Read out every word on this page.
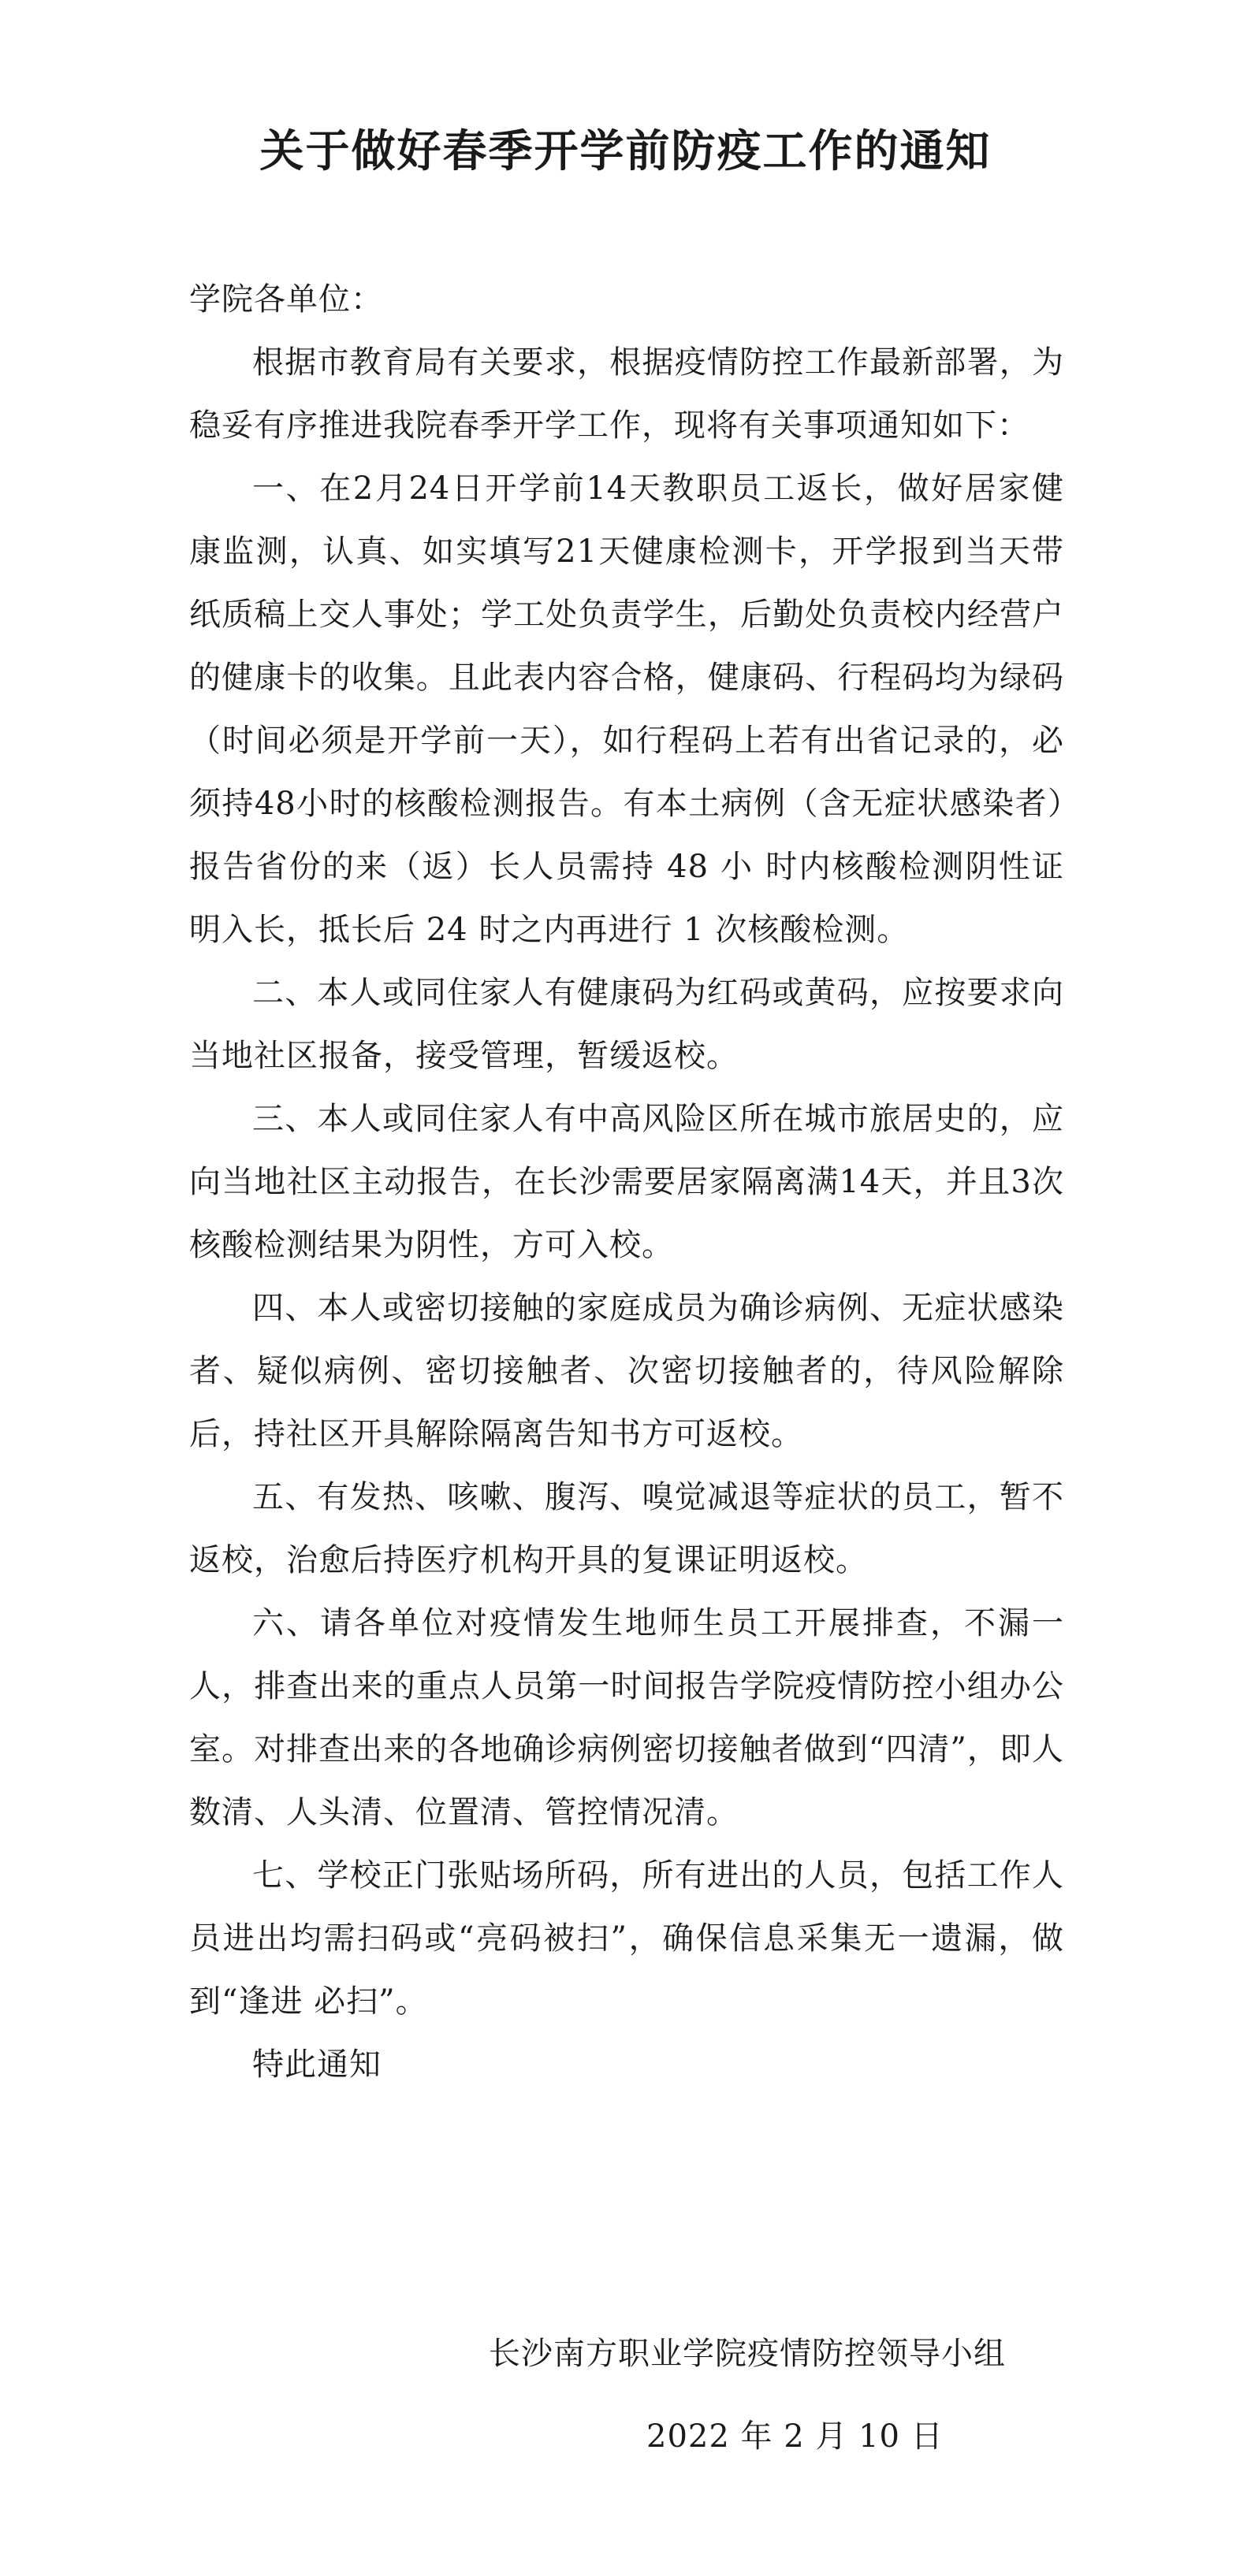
关于做好春季开学前防疫工作的通知

学院各单位：

根据市教育局有关要求，根据疫情防控工作最新部署，为稳妥有序推进我院春季开学工作，现将有关事项通知如下：

一、在2月24日开学前14天教职员工返长，做好居家健康监测，认真、如实填写21天健康检测卡，开学报到当天带纸质稿上交人事处；学工处负责学生，后勤处负责校内经营户的健康卡的收集。且此表内容合格，健康码、行程码均为绿码（时间必须是开学前一天），如行程码上若有出省记录的，必须持48小时的核酸检测报告。有本土病例（含无症状感染者）报告省份的来（返）长人员需持 48 小 时内核酸检测阴性证明入长，抵长后 24 时之内再进行 1 次核酸检测。

二、本人或同住家人有健康码为红码或黄码，应按要求向当地社区报备，接受管理，暂缓返校。

三、本人或同住家人有中高风险区所在城市旅居史的，应向当地社区主动报告，在长沙需要居家隔离满14天，并且3次核酸检测结果为阴性，方可入校。

四、本人或密切接触的家庭成员为确诊病例、无症状感染者、疑似病例、密切接触者、次密切接触者的，待风险解除后，持社区开具解除隔离告知书方可返校。

五、有发热、咳嗽、腹泻、嗅觉减退等症状的员工，暂不返校，治愈后持医疗机构开具的复课证明返校。

六、请各单位对疫情发生地师生员工开展排查，不漏一人，排查出来的重点人员第一时间报告学院疫情防控小组办公室。对排查出来的各地确诊病例密切接触者做到“四清”，即人数清、人头清、位置清、管控情况清。

七、学校正门张贴场所码，所有进出的人员，包括工作人员进出均需扫码或“亮码被扫”，确保信息采集无一遗漏，做到“逢进 必扫”。

特此通知

长沙南方职业学院疫情防控领导小组

2022 年 2 月 10 日
